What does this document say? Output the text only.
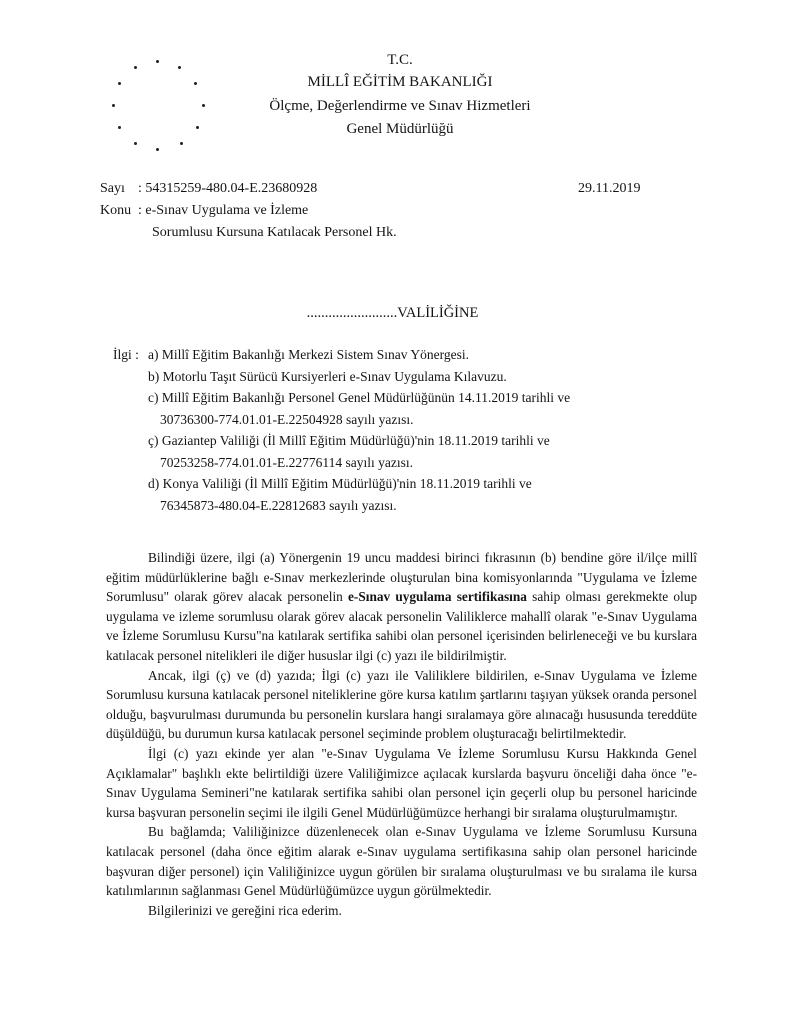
T.C.
MİLLÎ EĞİTİM BAKANLIĞI
Ölçme, Değerlendirme ve Sınav Hizmetleri
Genel Müdürlüğü
Sayı : 54315259-480.04-E.23680928	29.11.2019
Konu : e-Sınav Uygulama ve İzleme
Sorumlusu Kursuna Katılacak Personel Hk.
.........................VALİLİĞİNE
İlgi : a) Millî Eğitim Bakanlığı Merkezi Sistem Sınav Yönergesi.
b) Motorlu Taşıt Sürücü Kursiyerleri e-Sınav Uygulama Kılavuzu.
c) Millî Eğitim Bakanlığı Personel Genel Müdürlüğünün 14.11.2019 tarihli ve
30736300-774.01.01-E.22504928 sayılı yazısı.
ç) Gaziantep Valiliği (İl Millî Eğitim Müdürlüğü)'nin 18.11.2019 tarihli ve
70253258-774.01.01-E.22776114 sayılı yazısı.
d) Konya Valiliği (İl Millî Eğitim Müdürlüğü)'nin 18.11.2019 tarihli ve
76345873-480.04-E.22812683 sayılı yazısı.

Bilindiği üzere, ilgi (a) Yönergenin 19 uncu maddesi birinci fıkrasının (b) bendine göre il/ilçe millî eğitim müdürlüklerine bağlı e-Sınav merkezlerinde oluşturulan bina komisyonlarında "Uygulama ve İzleme Sorumlusu" olarak görev alacak personelin e-Sınav uygulama sertifikasına sahip olması gerekmekte olup uygulama ve izleme sorumlusu olarak görev alacak personelin Valiliklerce mahallî olarak "e-Sınav Uygulama ve İzleme Sorumlusu Kursu"na katılarak sertifika sahibi olan personel içerisinden belirleneceği ve bu kurslara katılacak personel nitelikleri ile diğer hususlar ilgi (c) yazı ile bildirilmiştir.

Ancak, ilgi (ç) ve (d) yazıda; İlgi (c) yazı ile Valiliklere bildirilen, e-Sınav Uygulama ve İzleme Sorumlusu kursuna katılacak personel niteliklerine göre kursa katılım şartlarını taşıyan yüksek oranda personel olduğu, başvurulması durumunda bu personelin kurslara hangi sıralamaya göre alınacağı hususunda tereddüte düşüldüğü, bu durumun kursa katılacak personel seçiminde problem oluşturacağı belirtilmektedir.

İlgi (c) yazı ekinde yer alan "e-Sınav Uygulama Ve İzleme Sorumlusu Kursu Hakkında Genel Açıklamalar" başlıklı ekte belirtildiği üzere Valiliğimizce açılacak kurslarda başvuru önceliği daha önce "e-Sınav Uygulama Semineri"ne katılarak sertifika sahibi olan personel için geçerli olup bu personel haricinde kursa başvuran personelin seçimi ile ilgili Genel Müdürlüğümüzce herhangi bir sıralama oluşturulmamıştır.

Bu bağlamda; Valiliğinizce düzenlenecek olan e-Sınav Uygulama ve İzleme Sorumlusu Kursuna katılacak personel (daha önce eğitim alarak e-Sınav uygulama sertifikasına sahip olan personel haricinde başvuran diğer personel) için Valiliğinizce uygun görülen bir sıralama oluşturulması ve bu sıralama ile kursa katılımlarının sağlanması Genel Müdürlüğümüzce uygun görülmektedir.

Bilgilerinizi ve gereğini rica ederim.
